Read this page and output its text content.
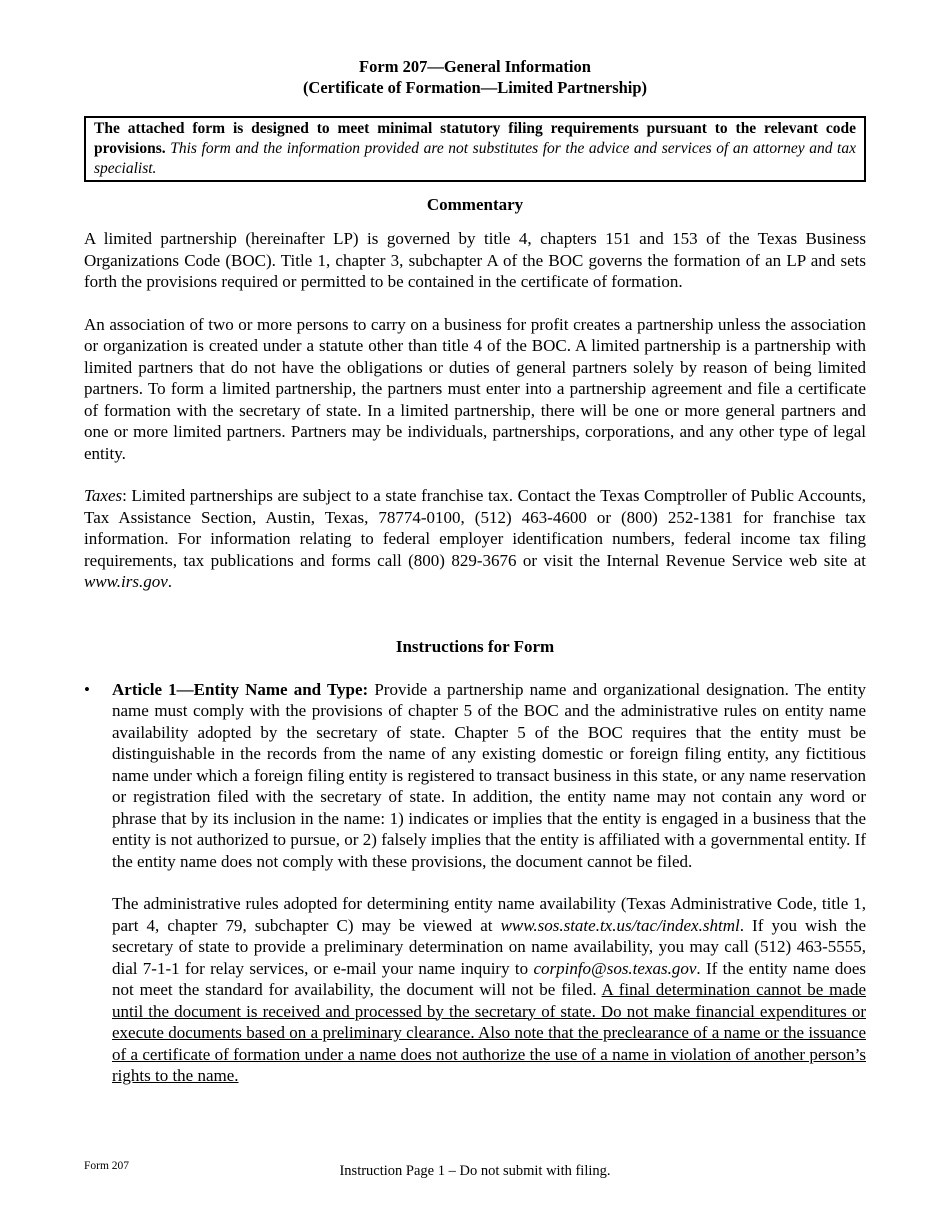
Form 207—General Information

(Certificate of Formation—Limited Partnership)

The attached form is designed to meet minimal statutory filing requirements pursuant to the relevant code provisions. This form and the information provided are not substitutes for the advice and services of an attorney and tax specialist.

Commentary

A limited partnership (hereinafter LP) is governed by title 4, chapters 151 and 153 of the Texas Business Organizations Code (BOC). Title 1, chapter 3, subchapter A of the BOC governs the formation of an LP and sets forth the provisions required or permitted to be contained in the certificate of formation.

An association of two or more persons to carry on a business for profit creates a partnership unless the association or organization is created under a statute other than title 4 of the BOC. A limited partnership is a partnership with limited partners that do not have the obligations or duties of general partners solely by reason of being limited partners. To form a limited partnership, the partners must enter into a partnership agreement and file a certificate of formation with the secretary of state. In a limited partnership, there will be one or more general partners and one or more limited partners. Partners may be individuals, partnerships, corporations, and any other type of legal entity.

Taxes: Limited partnerships are subject to a state franchise tax. Contact the Texas Comptroller of Public Accounts, Tax Assistance Section, Austin, Texas, 78774-0100, (512) 463-4600 or (800) 252-1381 for franchise tax information. For information relating to federal employer identification numbers, federal income tax filing requirements, tax publications and forms call (800) 829-3676 or visit the Internal Revenue Service web site at www.irs.gov.

Instructions for Form

• Article 1—Entity Name and Type: Provide a partnership name and organizational designation. The entity name must comply with the provisions of chapter 5 of the BOC and the administrative rules on entity name availability adopted by the secretary of state. Chapter 5 of the BOC requires that the entity must be distinguishable in the records from the name of any existing domestic or foreign filing entity, any fictitious name under which a foreign filing entity is registered to transact business in this state, or any name reservation or registration filed with the secretary of state. In addition, the entity name may not contain any word or phrase that by its inclusion in the name: 1) indicates or implies that the entity is engaged in a business that the entity is not authorized to pursue, or 2) falsely implies that the entity is affiliated with a governmental entity. If the entity name does not comply with these provisions, the document cannot be filed.

The administrative rules adopted for determining entity name availability (Texas Administrative Code, title 1, part 4, chapter 79, subchapter C) may be viewed at www.sos.state.tx.us/tac/index.shtml. If you wish the secretary of state to provide a preliminary determination on name availability, you may call (512) 463-5555, dial 7-1-1 for relay services, or e-mail your name inquiry to corpinfo@sos.texas.gov. If the entity name does not meet the standard for availability, the document will not be filed. A final determination cannot be made until the document is received and processed by the secretary of state. Do not make financial expenditures or execute documents based on a preliminary clearance. Also note that the preclearance of a name or the issuance of a certificate of formation under a name does not authorize the use of a name in violation of another person’s rights to the name.

Form 207	Instruction Page 1 – Do not submit with filing.
